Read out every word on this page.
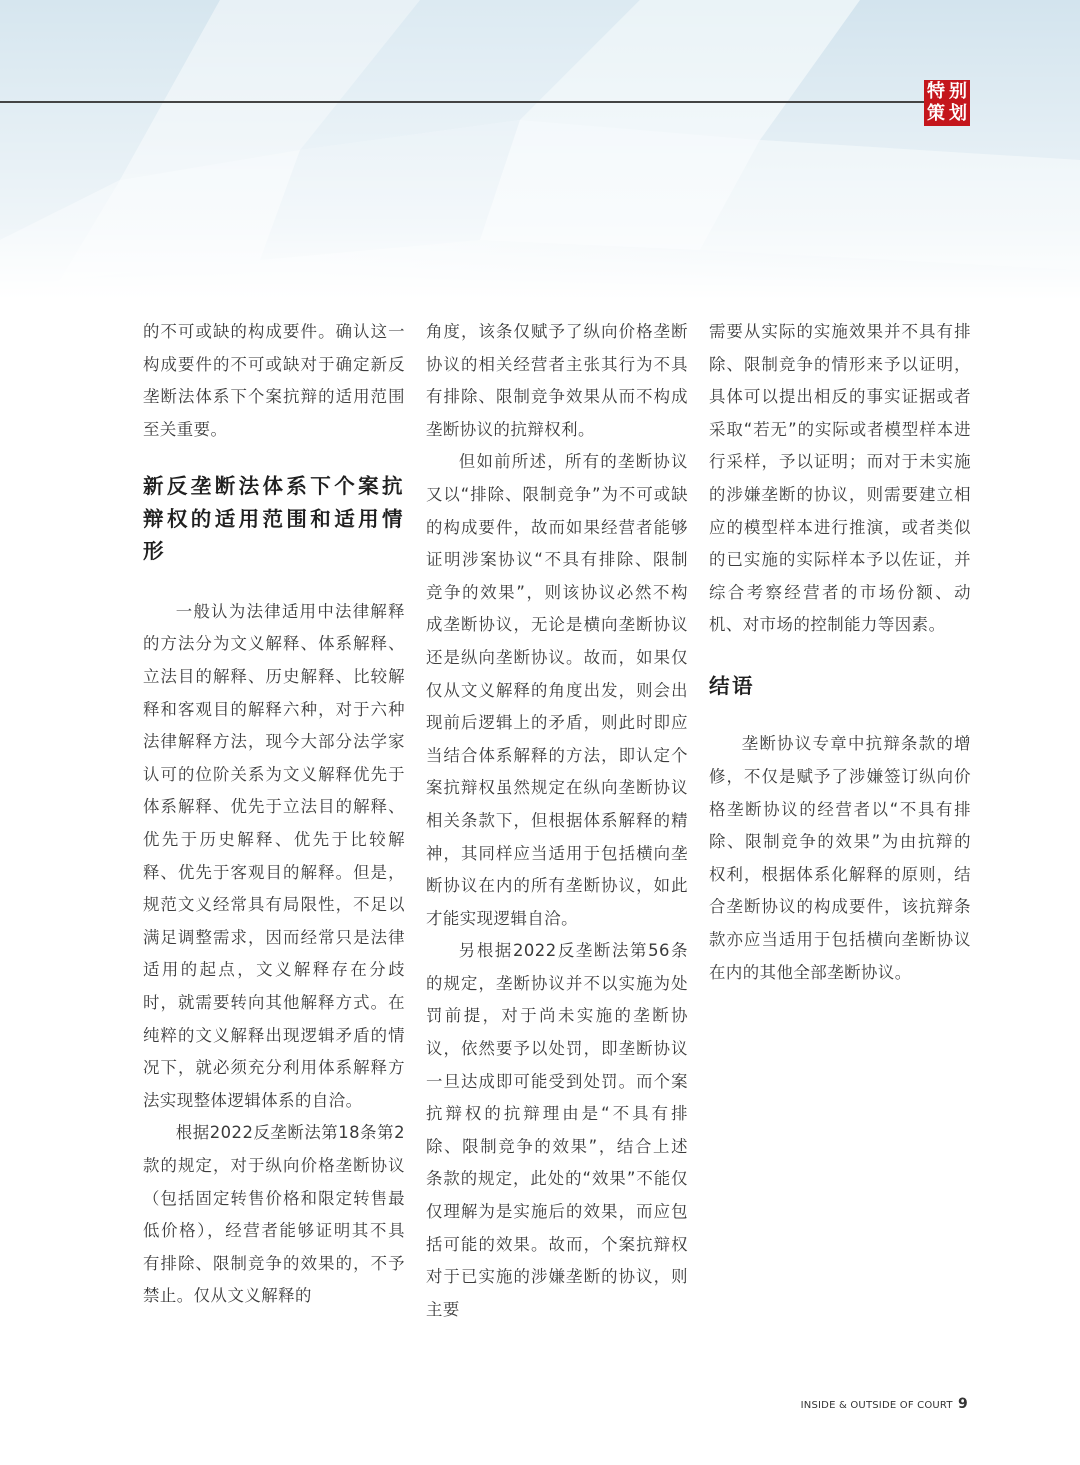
特 别
策 划

的不可或缺的构成要件。确认这一构成要件的不可或缺对于确定新反垄断法体系下个案抗辩的适用范围至关重要。

新反垄断法体系下个案抗辩权的适用范围和适用情形

一般认为法律适用中法律解释的方法分为文义解释、体系解释、立法目的解释、历史解释、比较解释和客观目的解释六种，对于六种法律解释方法，现今大部分法学家认可的位阶关系为文义解释优先于体系解释、优先于立法目的解释、优先于历史解释、优先于比较解释、优先于客观目的解释。但是，规范文义经常具有局限性，不足以满足调整需求，因而经常只是法律适用的起点，文义解释存在分歧时，就需要转向其他解释方式。在纯粹的文义解释出现逻辑矛盾的情况下，就必须充分利用体系解释方法实现整体逻辑体系的自洽。

根据2022反垄断法第18条第2款的规定，对于纵向价格垄断协议（包括固定转售价格和限定转售最低价格），经营者能够证明其不具有排除、限制竞争的效果的，不予禁止。仅从文义解释的

角度，该条仅赋予了纵向价格垄断协议的相关经营者主张其行为不具有排除、限制竞争效果从而不构成垄断协议的抗辩权利。

但如前所述，所有的垄断协议又以“排除、限制竞争”为不可或缺的构成要件，故而如果经营者能够证明涉案协议“不具有排除、限制竞争的效果”，则该协议必然不构成垄断协议，无论是横向垄断协议还是纵向垄断协议。故而，如果仅仅从文义解释的角度出发，则会出现前后逻辑上的矛盾，则此时即应当结合体系解释的方法，即认定个案抗辩权虽然规定在纵向垄断协议相关条款下，但根据体系解释的精神，其同样应当适用于包括横向垄断协议在内的所有垄断协议，如此才能实现逻辑自洽。

另根据2022反垄断法第56条的规定，垄断协议并不以实施为处罚前提，对于尚未实施的垄断协议，依然要予以处罚，即垄断协议一旦达成即可能受到处罚。而个案抗辩权的抗辩理由是“不具有排除、限制竞争的效果”，结合上述条款的规定，此处的“效果”不能仅仅理解为是实施后的效果，而应包括可能的效果。故而，个案抗辩权对于已实施的涉嫌垄断的协议，则主要

需要从实际的实施效果并不具有排除、限制竞争的情形来予以证明，具体可以提出相反的事实证据或者采取“若无”的实际或者模型样本进行采样，予以证明；而对于未实施的涉嫌垄断的协议，则需要建立相应的模型样本进行推演，或者类似的已实施的实际样本予以佐证，并综合考察经营者的市场份额、动机、对市场的控制能力等因素。

结语

垄断协议专章中抗辩条款的增修，不仅是赋予了涉嫌签订纵向价格垄断协议的经营者以“不具有排除、限制竞争的效果”为由抗辩的权利，根据体系化解释的原则，结合垄断协议的构成要件，该抗辩条款亦应当适用于包括横向垄断协议在内的其他全部垄断协议。

INSIDE & OUTSIDE OF COURT 9
